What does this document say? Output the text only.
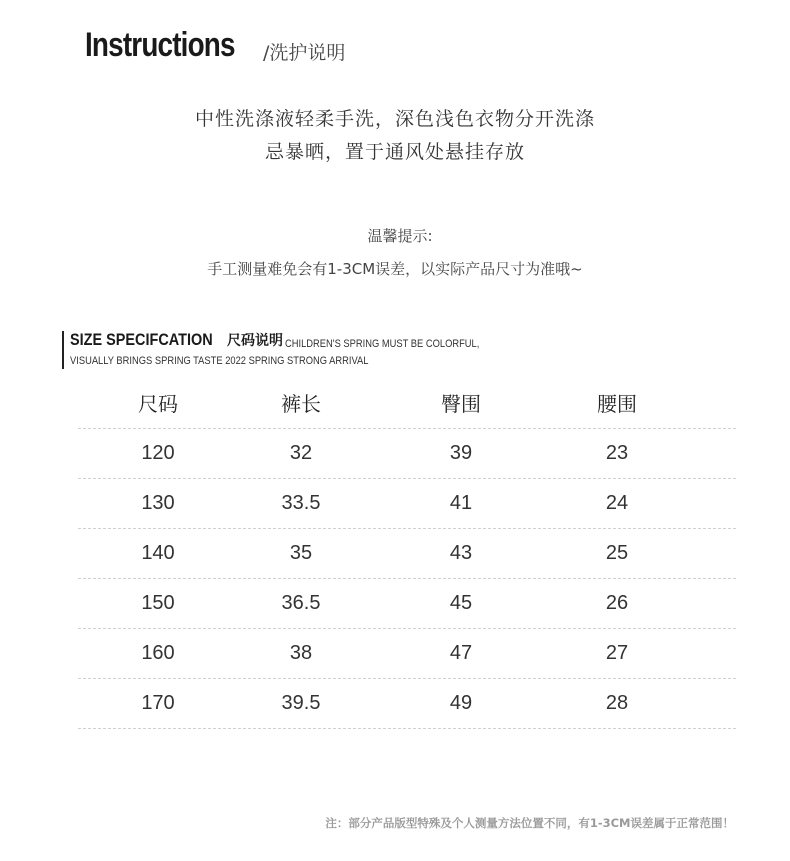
Instructions /洗护说明
中性洗涤液轻柔手洗，深色浅色衣物分开洗涤
忌暴晒，置于通风处悬挂存放
温馨提示:
手工测量难免会有1-3CM误差，以实际产品尺寸为准哦~
SIZE SPECIFCATION 尺码说明 CHILDREN'S SPRING MUST BE COLORFUL,
VISUALLY BRINGS SPRING TASTE 2022 SPRING STRONG ARRIVAL
尺码	裤长	臀围	腰围
120	32	39	23
130	33.5	41	24
140	35	43	25
150	36.5	45	26
160	38	47	27
170	39.5	49	28
注：部分产品版型特殊及个人测量方法位置不同，有1-3CM误差属于正常范围！
